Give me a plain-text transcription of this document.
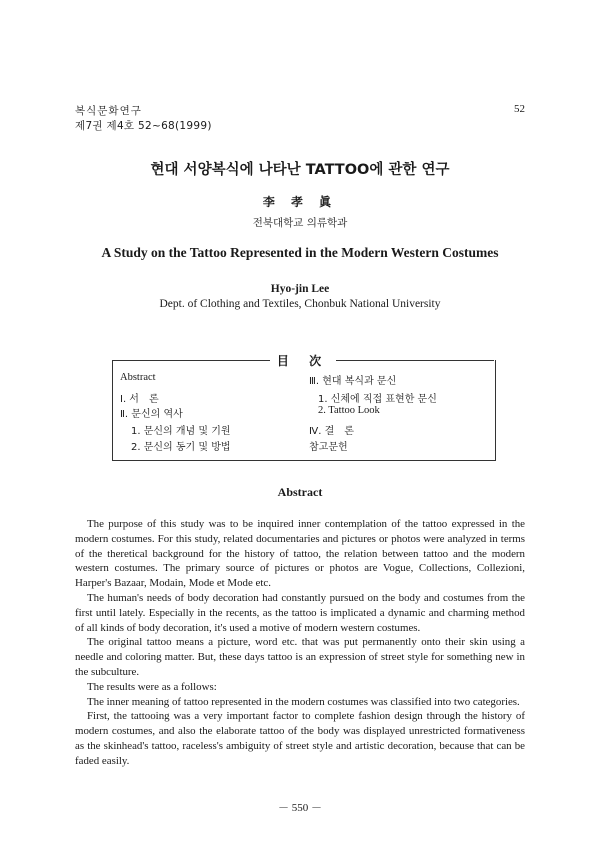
복식문화연구
제7권 제4호 52~68(1999)
52
현대 서양복식에 나타난 TATTOO에 관한 연구
李 孝 眞
전북대학교 의류학과
A Study on the Tattoo Represented in the Modern Western Costumes
Hyo-jin Lee
Dept. of Clothing and Textiles, Chonbuk National University
目 次
Abstract
Ⅰ. 서　론
Ⅱ. 문신의 역사
1. 문신의 개념 및 기원
2. 문신의 동기 및 방법
Ⅲ. 현대 복식과 문신
1. 신체에 직접 표현한 문신
2. Tattoo Look
Ⅳ. 결　론
참고문헌
Abstract

The purpose of this study was to be inquired inner contemplation of the tattoo expressed in the modern costumes. For this study, related documentaries and pictures or photos were analyzed in terms of the theretical background for the history of tattoo, the relation between tattoo and the modern western costumes. The primary source of pictures or photos are Vogue, Collections, Collezioni, Harper's Bazaar, Modain, Mode et Mode etc.

The human's needs of body decoration had constantly pursued on the body and costumes from the first until lately. Especially in the recents, as the tattoo is implicated a dynamic and charming method of all kinds of body decoration, it's used a motive of modern western costumes.

The original tattoo means a picture, word etc. that was put permanently onto their skin using a needle and coloring matter. But, these days tattoo is an expression of street style for something new in the subculture.

The results were as a follows:

The inner meaning of tattoo represented in the modern costumes was classified into two categories.

First, the tattooing was a very important factor to complete fashion design through the history of modern costumes, and also the elaborate tattoo of the body was displayed unrestricted formativeness as the skinhead's tattoo, raceless's ambiguity of street style and artistic decoration, because that can be faded easily.

－ 550 －
